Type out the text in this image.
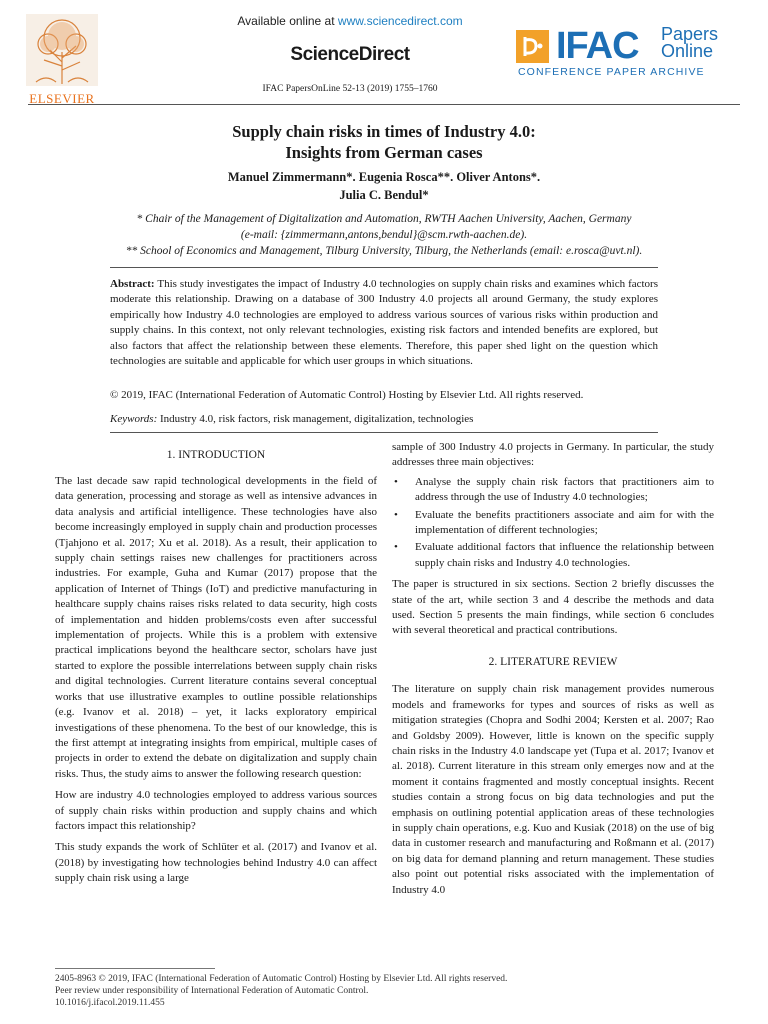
ELSEVIER
Available online at www.sciencedirect.com
ScienceDirect
IFAC PapersOnLine 52-13 (2019) 1755–1760
IFAC Papers
Online
CONFERENCE PAPER ARCHIVE
Supply chain risks in times of Industry 4.0:
Insights from German cases
Manuel Zimmermann*. Eugenia Rosca**. Oliver Antons*.
Julia C. Bendul*
* Chair of the Management of Digitalization and Automation, RWTH Aachen University, Aachen, Germany
(e-mail: {zimmermann,antons,bendul}@scm.rwth-aachen.de).
** School of Economics and Management, Tilburg University, Tilburg, the Netherlands (email: e.rosca@uvt.nl).
Abstract: This study investigates the impact of Industry 4.0 technologies on supply chain risks and examines which factors moderate this relationship. Drawing on a database of 300 Industry 4.0 projects all around Germany, the study explores empirically how Industry 4.0 technologies are employed to address various sources of various risks within production and supply chains. In this context, not only relevant technologies, existing risk factors and intended benefits are explored, but also factors that affect the relationship between these elements. Therefore, this paper shed light on the question which technologies are suitable and applicable for which user groups in which situations.
© 2019, IFAC (International Federation of Automatic Control) Hosting by Elsevier Ltd. All rights reserved.
Keywords: Industry 4.0, risk factors, risk management, digitalization, technologies
1. INTRODUCTION

The last decade saw rapid technological developments in the field of data generation, processing and storage as well as intensive advances in data analysis and artificial intelligence. These technologies have also become increasingly employed in supply chain and production processes (Tjahjono et al. 2017; Xu et al. 2018). As a result, their application to supply chain settings raises new challenges for practitioners across industries. For example, Guha and Kumar (2017) propose that the application of Internet of Things (IoT) and predictive manufacturing in healthcare supply chains raises risks related to data security, high costs of implementation and hidden problems/costs even after successful implementation of projects. While this is a problem with extensive practical implications beyond the healthcare sector, scholars have just started to explore the possible interrelations between supply chain risks and digital technologies. Current literature contains several conceptual works that use illustrative examples to outline possible relationships (e.g. Ivanov et al. 2018) – yet, it lacks exploratory empirical investigations of these phenomena. To the best of our knowledge, this is the first attempt at integrating insights from empirical, multiple cases of projects in order to extend the debate on digitalization and supply chain risks. Thus, the study aims to answer the following research question:

How are industry 4.0 technologies employed to address various sources of supply chain risks within production and supply chains and which factors impact this relationship?

This study expands the work of Schlüter et al. (2017) and Ivanov et al. (2018) by investigating how technologies behind Industry 4.0 can affect supply chain risk using a large

sample of 300 Industry 4.0 projects in Germany. In particular, the study addresses three main objectives:

• Analyse the supply chain risk factors that practitioners aim to address through the use of Industry 4.0 technologies;
• Evaluate the benefits practitioners associate and aim for with the implementation of different technologies;
• Evaluate additional factors that influence the relationship between supply chain risks and Industry 4.0 technologies.

The paper is structured in six sections. Section 2 briefly discusses the state of the art, while section 3 and 4 describe the methods and data used. Section 5 presents the main findings, while section 6 concludes with several theoretical and practical contributions.

2. LITERATURE REVIEW

The literature on supply chain risk management provides numerous models and frameworks for types and sources of risks as well as mitigation strategies (Chopra and Sodhi 2004; Kersten et al. 2007; Rao and Goldsby 2009). However, little is known on the specific supply chain risks in the Industry 4.0 landscape yet (Tupa et al. 2017; Ivanov et al. 2018). Current literature in this stream only emerges now and at the moment it contains fragmented and mostly conceptual insights. Recent studies contain a strong focus on big data technologies and put the emphasis on outlining potential application areas of these technologies in supply chain operations, e.g. Kuo and Kusiak (2018) on the use of big data in customer research and manufacturing and Roßmann et al. (2017) on big data for demand planning and return management. These studies also point out potential risks associated with the implementation of Industry 4.0

2405-8963 © 2019, IFAC (International Federation of Automatic Control) Hosting by Elsevier Ltd. All rights reserved.
Peer review under responsibility of International Federation of Automatic Control.
10.1016/j.ifacol.2019.11.455
